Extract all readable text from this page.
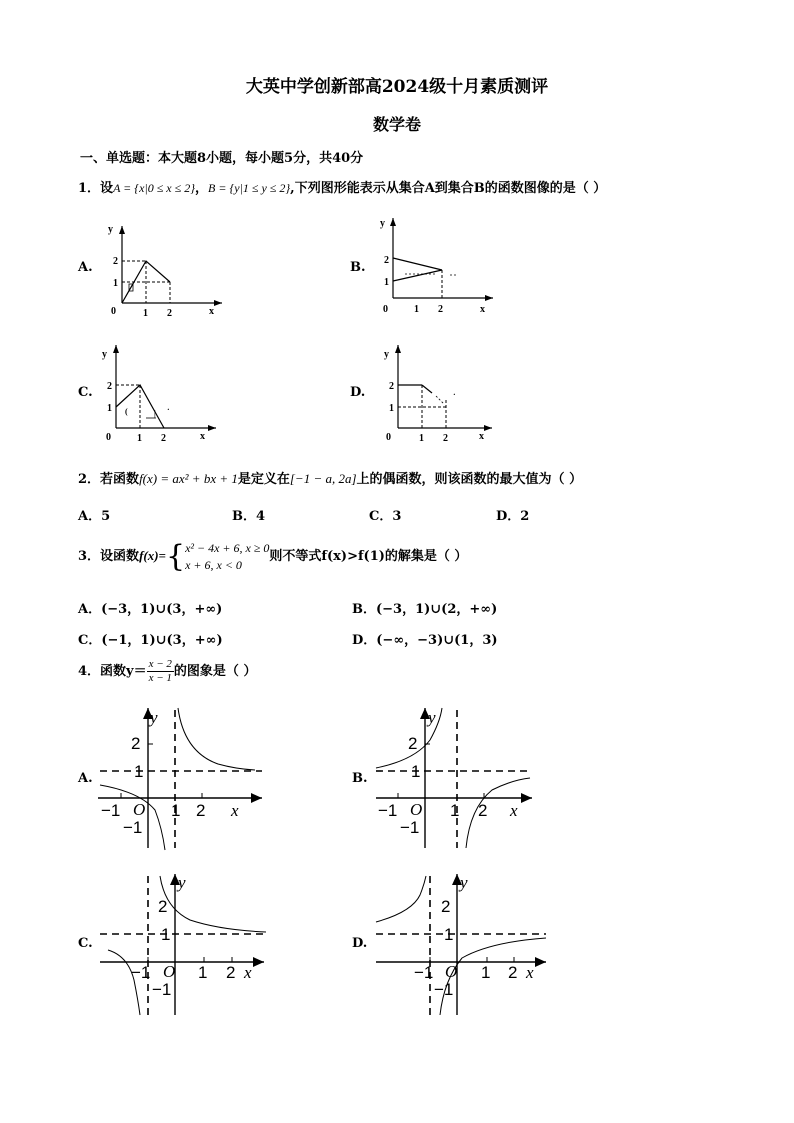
大英中学创新部高2024级十月素质测评
数学卷
一、单选题：本大题8小题，每小题5分，共40分
1．设A = {x|0 ≤ x ≤ 2}，B = {y|1 ≤ y ≤ 2},下列图形能表示从集合A到集合B的函数图像的是（ ）
A.	B.
C.	D.
y
x
0
2
1
1 2
y
x
0
2
1
1 2
(	| ·
y
x
0
2
1
1 2
·
y
x
0
2
1
1 2
2．若函数f(x) = ax² + bx + 1是定义在[−1 − a, 2a]上的偶函数，则该函数的最大值为（ ）
A．5	B．4	C．3	D．2
3．设函数f(x)={ x² − 4x + 6, x ≥ 0
x + 6, x < 0
则不等式f(x)>f(1)的解集是（ ）
A．(−3，1)∪(3，+∞)	B．(−3，1)∪(2，+∞)
C．(−1，1)∪(3，+∞)	D．(−∞，−3)∪(1，3)
4．函数$y= \frac{x - 2}{x - 1}$ 的图象是（ ）
A.	B.
C.	D.
y
x
O
−1	1 2
2
1
−1
y
x
O
−1	1 2
2
1
−1
y
x
O
−1	1 2
2
1
−1
y
x
O
−1	1 2
2
1
−1
